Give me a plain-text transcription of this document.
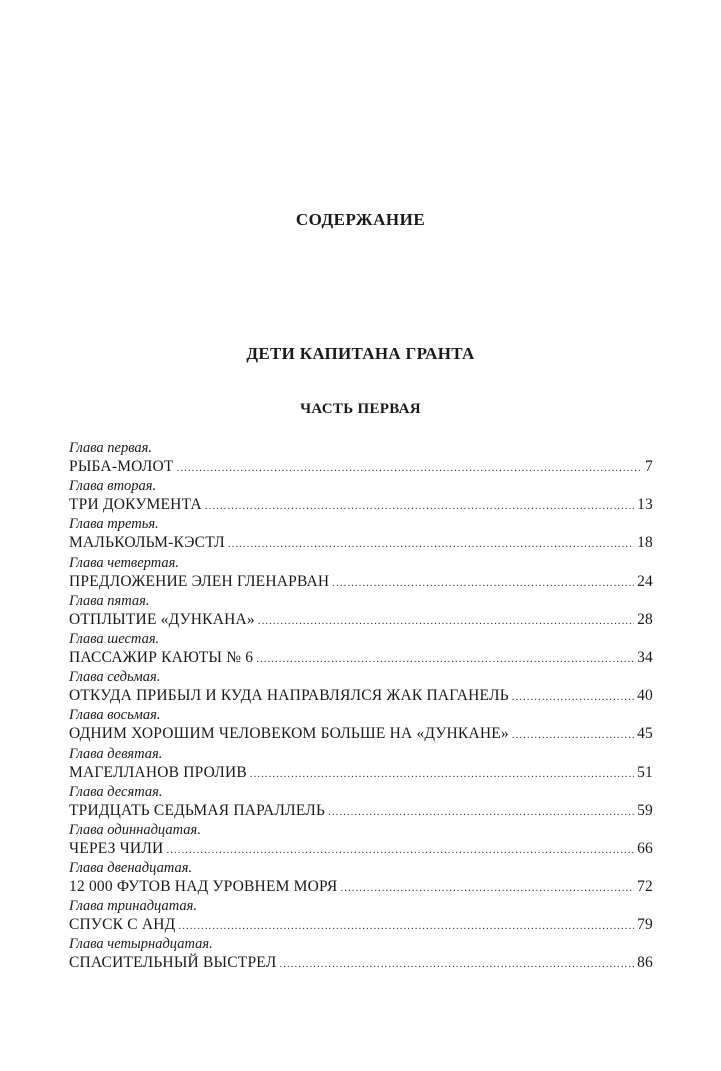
СОДЕРЖАНИЕ
ДЕТИ КАПИТАНА ГРАНТА
ЧАСТЬ ПЕРВАЯ
Глава первая.
РЫБА-МОЛОТ .....	7
Глава вторая.
ТРИ ДОКУМЕНТА .....	13
Глава третья.
МАЛЬКОЛЬМ-КЭСТЛ .....	18
Глава четвертая.
ПРЕДЛОЖЕНИЕ ЭЛЕН ГЛЕНАРВАН .....	24
Глава пятая.
ОТПЛЫТИЕ «ДУНКАНА» .....	28
Глава шестая.
ПАССАЖИР КАЮТЫ № 6 .....	34
Глава седьмая.
ОТКУДА ПРИБЫЛ И КУДА НАПРАВЛЯЛСЯ ЖАК ПАГАНЕЛЬ .....	40
Глава восьмая.
ОДНИМ ХОРОШИМ ЧЕЛОВЕКОМ БОЛЬШЕ НА «ДУНКАНЕ» .....	45
Глава девятая.
МАГЕЛЛАНОВ ПРОЛИВ .....	51
Глава десятая.
ТРИДЦАТЬ СЕДЬМАЯ ПАРАЛЛЕЛЬ .....	59
Глава одиннадцатая.
ЧЕРЕЗ ЧИЛИ .....	66
Глава двенадцатая.
12 000 ФУТОВ НАД УРОВНЕМ МОРЯ .....	72
Глава тринадцатая.
СПУСК С АНД .....	79
Глава четырнадцатая.
СПАСИТЕЛЬНЫЙ ВЫСТРЕЛ .....	86
